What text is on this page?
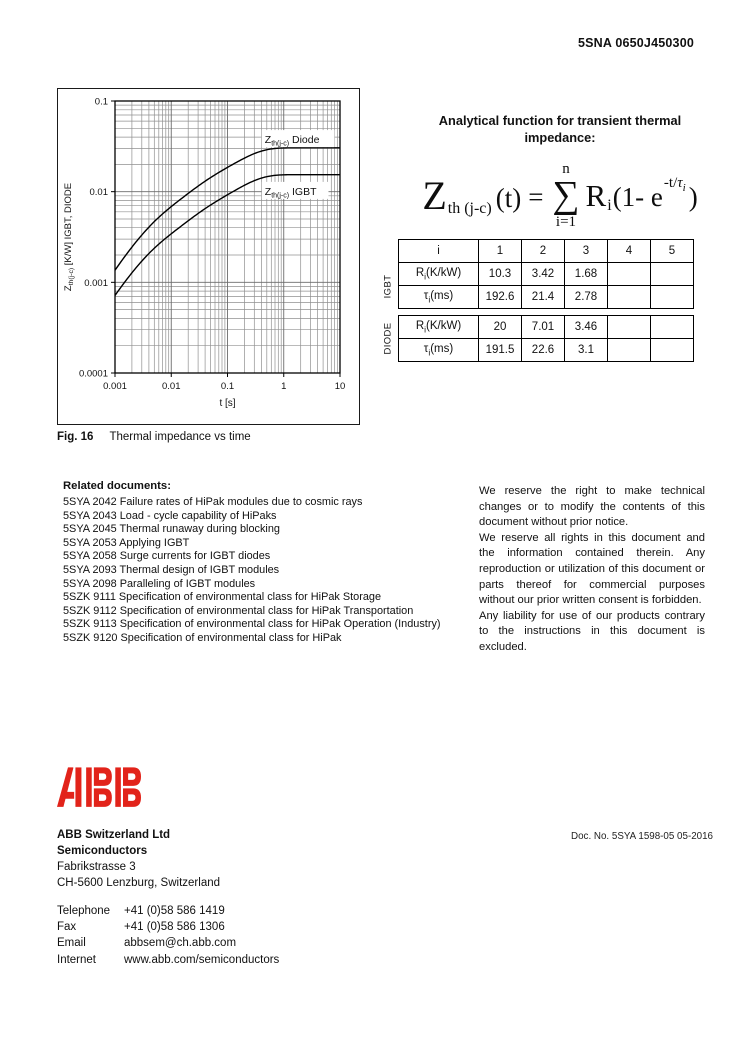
5SNA 0650J450300
0.001	0.01	0.1	1	10
0.1
0.01
0.001
0.0001
t [s]
$Z_{th(j-c)}$ [K/W] IGBT, DIODE
$Z_{th(j-c)}$ Diode
$Z_{th(j-c)}$ IGBT
Fig. 16 Thermal impedance vs time
Analytical function for transient thermal
impedance:
Z th (j-c) (t) =
n
∑
i=1
R i (1- e $-t/\tau_i$ )
IGBT
i	1	2	3	4	5
$R_i(K/kW)$	10.3	3.42	1.68		
$\tau_i(ms)$	192.6	21.4	2.78		
DIODE $R_i(K/kW)$	20	7.01	3.46		
$\tau_i(ms)$	191.5	22.6	3.1		
Related documents:
5SYA 2042 Failure rates of HiPak modules due to cosmic rays
5SYA 2043 Load - cycle capability of HiPaks
5SYA 2045 Thermal runaway during blocking
5SYA 2053 Applying IGBT
5SYA 2058 Surge currents for IGBT diodes
5SYA 2093 Thermal design of IGBT modules
5SYA 2098 Paralleling of IGBT modules
5SZK 9111 Specification of environmental class for HiPak Storage
5SZK 9112 Specification of environmental class for HiPak Transportation
5SZK 9113 Specification of environmental class for HiPak Operation (Industry)
5SZK 9120 Specification of environmental class for HiPak

We reserve the right to make technical changes or to modify the contents of this document without prior notice.

We reserve all rights in this document and the information contained therein. Any reproduction or utilization of this document or parts thereof for commercial purposes without our prior written consent is forbidden.

Any liability for use of our products contrary to the instructions in this document is excluded.

ABB Switzerland Ltd
Semiconductors
Fabrikstrasse 3
CH-5600 Lenzburg, Switzerland
Doc. No. 5SYA 1598-05 05-2016
Telephone	+41 (0)58 586 1419
Fax	+41 (0)58 586 1306
Email	abbsem@ch.abb.com
Internet	www.abb.com/semiconductors
